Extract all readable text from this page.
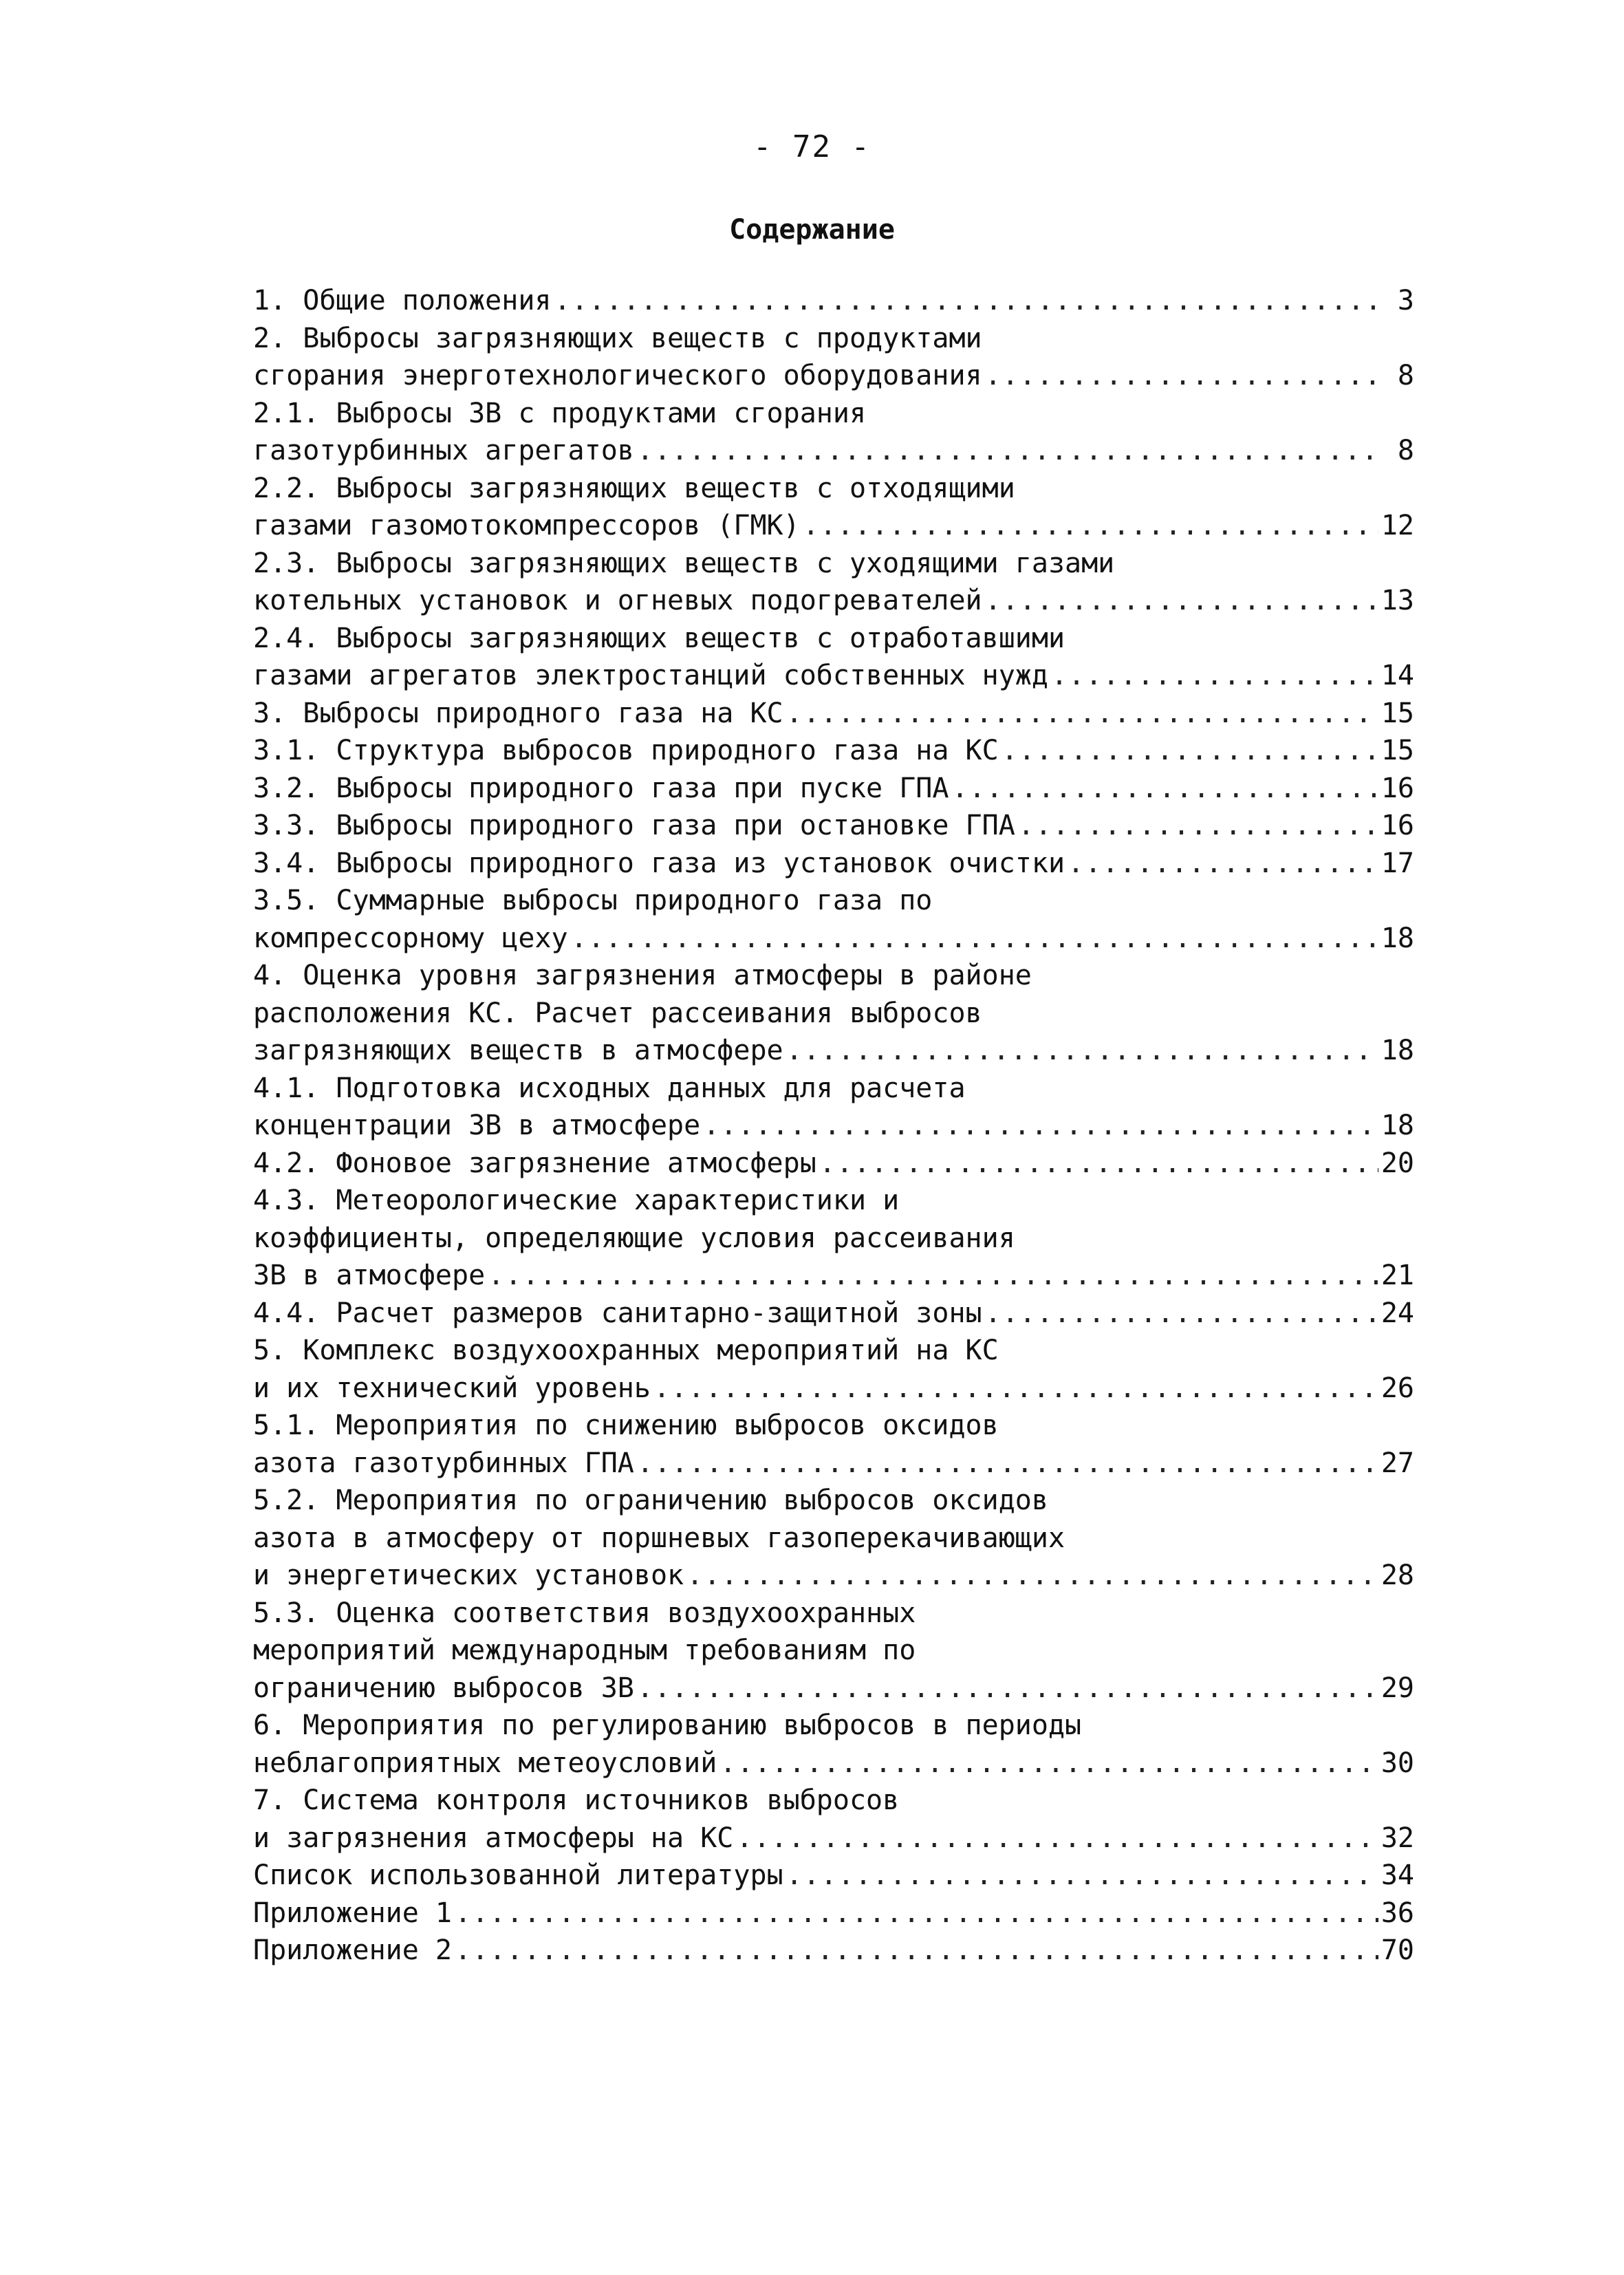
- 72 -
Содержание
1. Общие положения .....	3
2. Выбросы загрязняющих веществ с продуктами
сгорания энерготехнологического оборудования .....	8
2.1. Выбросы ЗВ с продуктами сгорания
газотурбинных агрегатов .....	8
2.2. Выбросы загрязняющих веществ с отходящими
газами газомотокомпрессоров (ГМК) .....	12
2.3. Выбросы загрязняющих веществ с уходящими газами
котельных установок и огневых подогревателей .....	13
2.4. Выбросы загрязняющих веществ с отработавшими
газами агрегатов электростанций собственных нужд .....	14
3. Выбросы природного газа на КС .....	15
3.1. Структура выбросов природного газа на КС .....	15
3.2. Выбросы природного газа при пуске ГПА .....	16
3.3. Выбросы природного газа при остановке ГПА .....	16
3.4. Выбросы природного газа из установок очистки .....	17
3.5. Суммарные выбросы природного газа по
компрессорному цеху .....	18
4. Оценка уровня загрязнения атмосферы в районе
расположения КС. Расчет рассеивания выбросов
загрязняющих веществ в атмосфере .....	18
4.1. Подготовка исходных данных для расчета
концентрации ЗВ в атмосфере .....	18
4.2. Фоновое загрязнение атмосферы .....	20
4.3. Метеорологические характеристики и
коэффициенты, определяющие условия рассеивания
ЗВ в атмосфере .....	21
4.4. Расчет размеров санитарно-защитной зоны .....	24
5. Комплекс воздухоохранных мероприятий на КС
и их технический уровень .....	26
5.1. Мероприятия по снижению выбросов оксидов
азота газотурбинных ГПА .....	27
5.2. Мероприятия по ограничению выбросов оксидов
азота в атмосферу от поршневых газоперекачивающих
и энергетических установок .....	28
5.3. Оценка соответствия воздухоохранных
мероприятий международным требованиям по
ограничению выбросов ЗВ .....	29
6. Мероприятия по регулированию выбросов в периоды
неблагоприятных метеоусловий .....	30
7. Система контроля источников выбросов
и загрязнения атмосферы на КС .....	32
Список использованной литературы .....	34
Приложение 1 .....	36
Приложение 2 .....	70
